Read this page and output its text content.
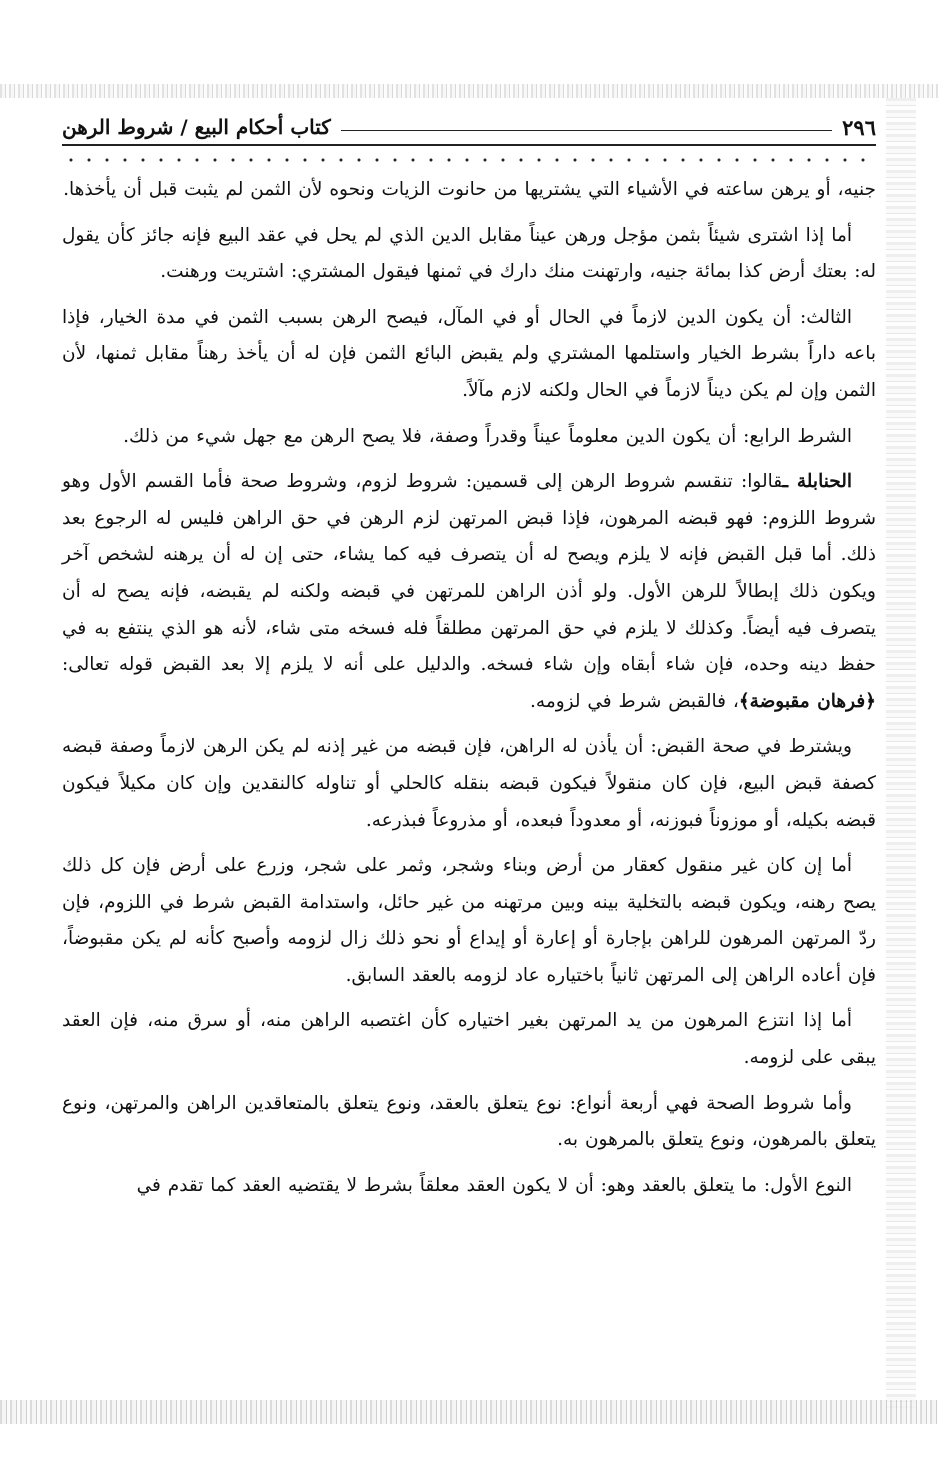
٢٩٦
كتاب أحكام البيع / شروط الرهن

جنيه، أو يرهن ساعته في الأشياء التي يشتريها من حانوت الزيات ونحوه لأن الثمن لم يثبت قبل أن يأخذها.

أما إذا اشترى شيئاً بثمن مؤجل ورهن عيناً مقابل الدين الذي لم يحل في عقد البيع فإنه جائز كأن يقول له: بعتك أرض كذا بمائة جنيه، وارتهنت منك دارك في ثمنها فيقول المشتري: اشتريت ورهنت.

الثالث: أن يكون الدين لازماً في الحال أو في المآل، فيصح الرهن بسبب الثمن في مدة الخيار، فإذا باعه داراً بشرط الخيار واستلمها المشتري ولم يقبض البائع الثمن فإن له أن يأخذ رهناً مقابل ثمنها، لأن الثمن وإن لم يكن ديناً لازماً في الحال ولكنه لازم مآلاً.

الشرط الرابع: أن يكون الدين معلوماً عيناً وقدراً وصفة، فلا يصح الرهن مع جهل شيء من ذلك.

الحنابلة ـقالوا: تنقسم شروط الرهن إلى قسمين: شروط لزوم، وشروط صحة فأما القسم الأول وهو شروط اللزوم: فهو قبضه المرهون، فإذا قبض المرتهن لزم الرهن في حق الراهن فليس له الرجوع بعد ذلك. أما قبل القبض فإنه لا يلزم ويصح له أن يتصرف فيه كما يشاء، حتى إن له أن يرهنه لشخص آخر ويكون ذلك إبطالاً للرهن الأول. ولو أذن الراهن للمرتهن في قبضه ولكنه لم يقبضه، فإنه يصح له أن يتصرف فيه أيضاً. وكذلك لا يلزم في حق المرتهن مطلقاً فله فسخه متى شاء، لأنه هو الذي ينتفع به في حفظ دينه وحده، فإن شاء أبقاه وإن شاء فسخه. والدليل على أنه لا يلزم إلا بعد القبض قوله تعالى: ﴿فرهان مقبوضة﴾، فالقبض شرط في لزومه.

ويشترط في صحة القبض: أن يأذن له الراهن، فإن قبضه من غير إذنه لم يكن الرهن لازماً وصفة قبضه كصفة قبض البيع، فإن كان منقولاً فيكون قبضه بنقله كالحلي أو تناوله كالنقدين وإن كان مكيلاً فيكون قبضه بكيله، أو موزوناً فبوزنه، أو معدوداً فبعده، أو مذروعاً فبذرعه.

أما إن كان غير منقول كعقار من أرض وبناء وشجر، وثمر على شجر، وزرع على أرض فإن كل ذلك يصح رهنه، ويكون قبضه بالتخلية بينه وبين مرتهنه من غير حائل، واستدامة القبض شرط في اللزوم، فإن ردّ المرتهن المرهون للراهن بإجارة أو إعارة أو إيداع أو نحو ذلك زال لزومه وأصبح كأنه لم يكن مقبوضاً، فإن أعاده الراهن إلى المرتهن ثانياً باختياره عاد لزومه بالعقد السابق.

أما إذا انتزع المرهون من يد المرتهن بغير اختياره كأن اغتصبه الراهن منه، أو سرق منه، فإن العقد يبقى على لزومه.

وأما شروط الصحة فهي أربعة أنواع: نوع يتعلق بالعقد، ونوع يتعلق بالمتعاقدين الراهن والمرتهن، ونوع يتعلق بالمرهون، ونوع يتعلق بالمرهون به.

النوع الأول: ما يتعلق بالعقد وهو: أن لا يكون العقد معلقاً بشرط لا يقتضيه العقد كما تقدم في
